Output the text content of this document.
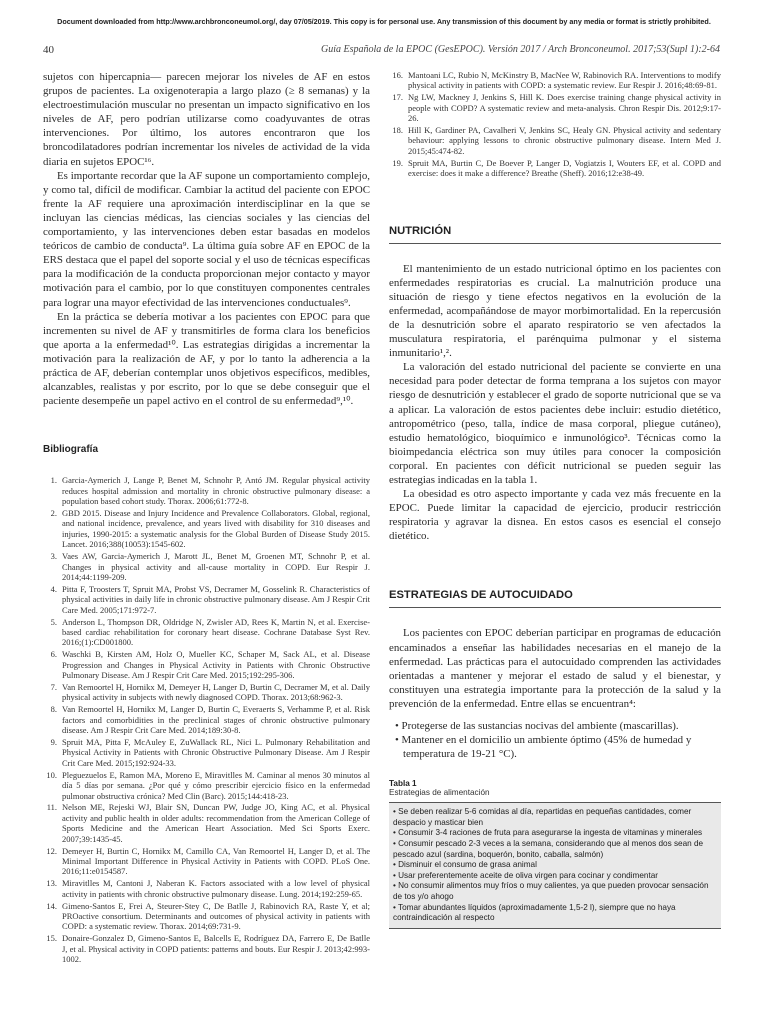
Document downloaded from http://www.archbronconeumol.org/, day 07/05/2019. This copy is for personal use. Any transmission of this document by any media or format is strictly prohibited.
40	Guía Española de la EPOC (GesEPOC). Versión 2017 / Arch Bronconeumol. 2017;53(Supl 1):2-64

sujetos con hipercapnia— parecen mejorar los niveles de AF en estos grupos de pacientes. La oxigenoterapia a largo plazo (≥ 8 semanas) y la electroestimulación muscular no presentan un impacto significativo en los niveles de AF, pero podrían utilizarse como coadyuvantes de otras intervenciones. Por último, los autores encontraron que los broncodilatadores podrían incrementar los niveles de actividad de la vida diaria en sujetos EPOC¹⁶.

Es importante recordar que la AF supone un comportamiento complejo, y como tal, difícil de modificar. Cambiar la actitud del paciente con EPOC frente la AF requiere una aproximación interdisciplinar en la que se incluyan las ciencias médicas, las ciencias sociales y las ciencias del comportamiento, y las intervenciones deben estar basadas en modelos teóricos de cambio de conducta⁹. La última guía sobre AF en EPOC de la ERS destaca que el papel del soporte social y el uso de técnicas específicas para la modificación de la conducta proporcionan mejor contacto y mayor motivación para el cambio, por lo que constituyen componentes centrales para lograr una mayor efectividad de las intervenciones conductuales⁹.

En la práctica se debería motivar a los pacientes con EPOC para que incrementen su nivel de AF y transmitirles de forma clara los beneficios que aporta a la enfermedad¹⁰. Las estrategias dirigidas a incrementar la motivación para la realización de AF, y por lo tanto la adherencia a la práctica de AF, deberían contemplar unos objetivos específicos, medibles, alcanzables, realistas y por escrito, por lo que se debe conseguir que el paciente desempeñe un papel activo en el control de su enfermedad⁹,¹⁰.

Bibliografía
1. Garcia-Aymerich J, Lange P, Benet M, Schnohr P, Antó JM. Regular physical activity reduces hospital admission and mortality in chronic obstructive pulmonary disease: a population based cohort study. Thorax. 2006;61:772-8.
2. GBD 2015. Disease and Injury Incidence and Prevalence Collaborators. Global, regional, and national incidence, prevalence, and years lived with disability for 310 diseases and injuries, 1990-2015: a systematic analysis for the Global Burden of Disease Study 2015. Lancet. 2016;388(10053):1545-602.
3. Vaes AW, Garcia-Aymerich J, Marott JL, Benet M, Groenen MT, Schnohr P, et al. Changes in physical activity and all-cause mortality in COPD. Eur Respir J. 2014;44:1199-209.
4. Pitta F, Troosters T, Spruit MA, Probst VS, Decramer M, Gosselink R. Characteristics of physical activities in daily life in chronic obstructive pulmonary disease. Am J Respir Crit Care Med. 2005;171:972-7.
5. Anderson L, Thompson DR, Oldridge N, Zwisler AD, Rees K, Martin N, et al. Exercise-based cardiac rehabilitation for coronary heart disease. Cochrane Database Syst Rev. 2016;(1):CD001800.
6. Waschki B, Kirsten AM, Holz O, Mueller KC, Schaper M, Sack AL, et al. Disease Progression and Changes in Physical Activity in Patients with Chronic Obstructive Pulmonary Disease. Am J Respir Crit Care Med. 2015;192:295-306.
7. Van Remoortel H, Hornikx M, Demeyer H, Langer D, Burtin C, Decramer M, et al. Daily physical activity in subjects with newly diagnosed COPD. Thorax. 2013;68:962-3.
8. Van Remoortel H, Hornikx M, Langer D, Burtin C, Everaerts S, Verhamme P, et al. Risk factors and comorbidities in the preclinical stages of chronic obstructive pulmonary disease. Am J Respir Crit Care Med. 2014;189:30-8.
9. Spruit MA, Pitta F, McAuley E, ZuWallack RL, Nici L. Pulmonary Rehabilitation and Physical Activity in Patients with Chronic Obstructive Pulmonary Disease. Am J Respir Crit Care Med. 2015;192:924-33.
10. Pleguezuelos E, Ramon MA, Moreno E, Miravitlles M. Caminar al menos 30 minutos al día 5 días por semana. ¿Por qué y cómo prescribir ejercicio físico en la enfermedad pulmonar obstructiva crónica? Med Clin (Barc). 2015;144:418-23.
11. Nelson ME, Rejeski WJ, Blair SN, Duncan PW, Judge JO, King AC, et al. Physical activity and public health in older adults: recommendation from the American College of Sports Medicine and the American Heart Association. Med Sci Sports Exerc. 2007;39:1435-45.
12. Demeyer H, Burtin C, Hornikx M, Camillo CA, Van Remoortel H, Langer D, et al. The Minimal Important Difference in Physical Activity in Patients with COPD. PLoS One. 2016;11:e0154587.
13. Miravitlles M, Cantoni J, Naberan K. Factors associated with a low level of physical activity in patients with chronic obstructive pulmonary disease. Lung. 2014;192:259-65.
14. Gimeno-Santos E, Frei A, Steurer-Stey C, De Batlle J, Rabinovich RA, Raste Y, et al; PROactive consortium. Determinants and outcomes of physical activity in patients with COPD: a systematic review. Thorax. 2014;69:731-9.
15. Donaire-Gonzalez D, Gimeno-Santos E, Balcells E, Rodríguez DA, Farrero E, De Batlle J, et al. Physical activity in COPD patients: patterns and bouts. Eur Respir J. 2013;42:993-1002.
16. Mantoani LC, Rubio N, McKinstry B, MacNee W, Rabinovich RA. Interventions to modify physical activity in patients with COPD: a systematic review. Eur Respir J. 2016;48:69-81.
17. Ng LW, Mackney J, Jenkins S, Hill K. Does exercise training change physical activity in people with COPD? A systematic review and meta-analysis. Chron Respir Dis. 2012;9:17-26.
18. Hill K, Gardiner PA, Cavalheri V, Jenkins SC, Healy GN. Physical activity and sedentary behaviour: applying lessons to chronic obstructive pulmonary disease. Intern Med J. 2015;45:474-82.
19. Spruit MA, Burtin C, De Boever P, Langer D, Vogiatzis I, Wouters EF, et al. COPD and exercise: does it make a difference? Breathe (Sheff). 2016;12:e38-49.
NUTRICIÓN

El mantenimiento de un estado nutricional óptimo en los pacientes con enfermedades respiratorias es crucial. La malnutrición produce una situación de riesgo y tiene efectos negativos en la evolución de la enfermedad, acompañándose de mayor morbimortalidad. En la repercusión de la desnutrición sobre el aparato respiratorio se ven afectados la musculatura respiratoria, el parénquima pulmonar y el sistema inmunitario¹,².

La valoración del estado nutricional del paciente se convierte en una necesidad para poder detectar de forma temprana a los sujetos con mayor riesgo de desnutrición y establecer el grado de soporte nutricional que se va a aplicar. La valoración de estos pacientes debe incluir: estudio dietético, antropométrico (peso, talla, índice de masa corporal, pliegue cutáneo), estudio hematológico, bioquímico e inmunológico³. Técnicas como la bioimpedancia eléctrica son muy útiles para conocer la composición corporal. En pacientes con déficit nutricional se pueden seguir las estrategias indicadas en la tabla 1.

La obesidad es otro aspecto importante y cada vez más frecuente en la EPOC. Puede limitar la capacidad de ejercicio, producir restricción respiratoria y agravar la disnea. En estos casos es esencial el consejo dietético.

ESTRATEGIAS DE AUTOCUIDADO

Los pacientes con EPOC deberían participar en programas de educación encaminados a enseñar las habilidades necesarias en el manejo de la enfermedad. Las prácticas para el autocuidado comprenden las actividades orientadas a mantener y mejorar el estado de salud y el bienestar, y constituyen una estrategia importante para la protección de la salud y la prevención de la enfermedad. Entre ellas se encuentran⁴:

• Protegerse de las sustancias nocivas del ambiente (mascarillas).
• Mantener en el domicilio un ambiente óptimo (45% de humedad y temperatura de 19-21 °C).
Tabla 1
Estrategias de alimentación
• Se deben realizar 5-6 comidas al día, repartidas en pequeñas cantidades, comer despacio y masticar bien
• Consumir 3-4 raciones de fruta para asegurarse la ingesta de vitaminas y minerales
• Consumir pescado 2-3 veces a la semana, considerando que al menos dos sean de pescado azul (sardina, boquerón, bonito, caballa, salmón)
• Disminuir el consumo de grasa animal
• Usar preferentemente aceite de oliva virgen para cocinar y condimentar
• No consumir alimentos muy fríos o muy calientes, ya que pueden provocar sensación de tos y/o ahogo
• Tomar abundantes líquidos (aproximadamente 1,5-2 l), siempre que no haya contraindicación al respecto
